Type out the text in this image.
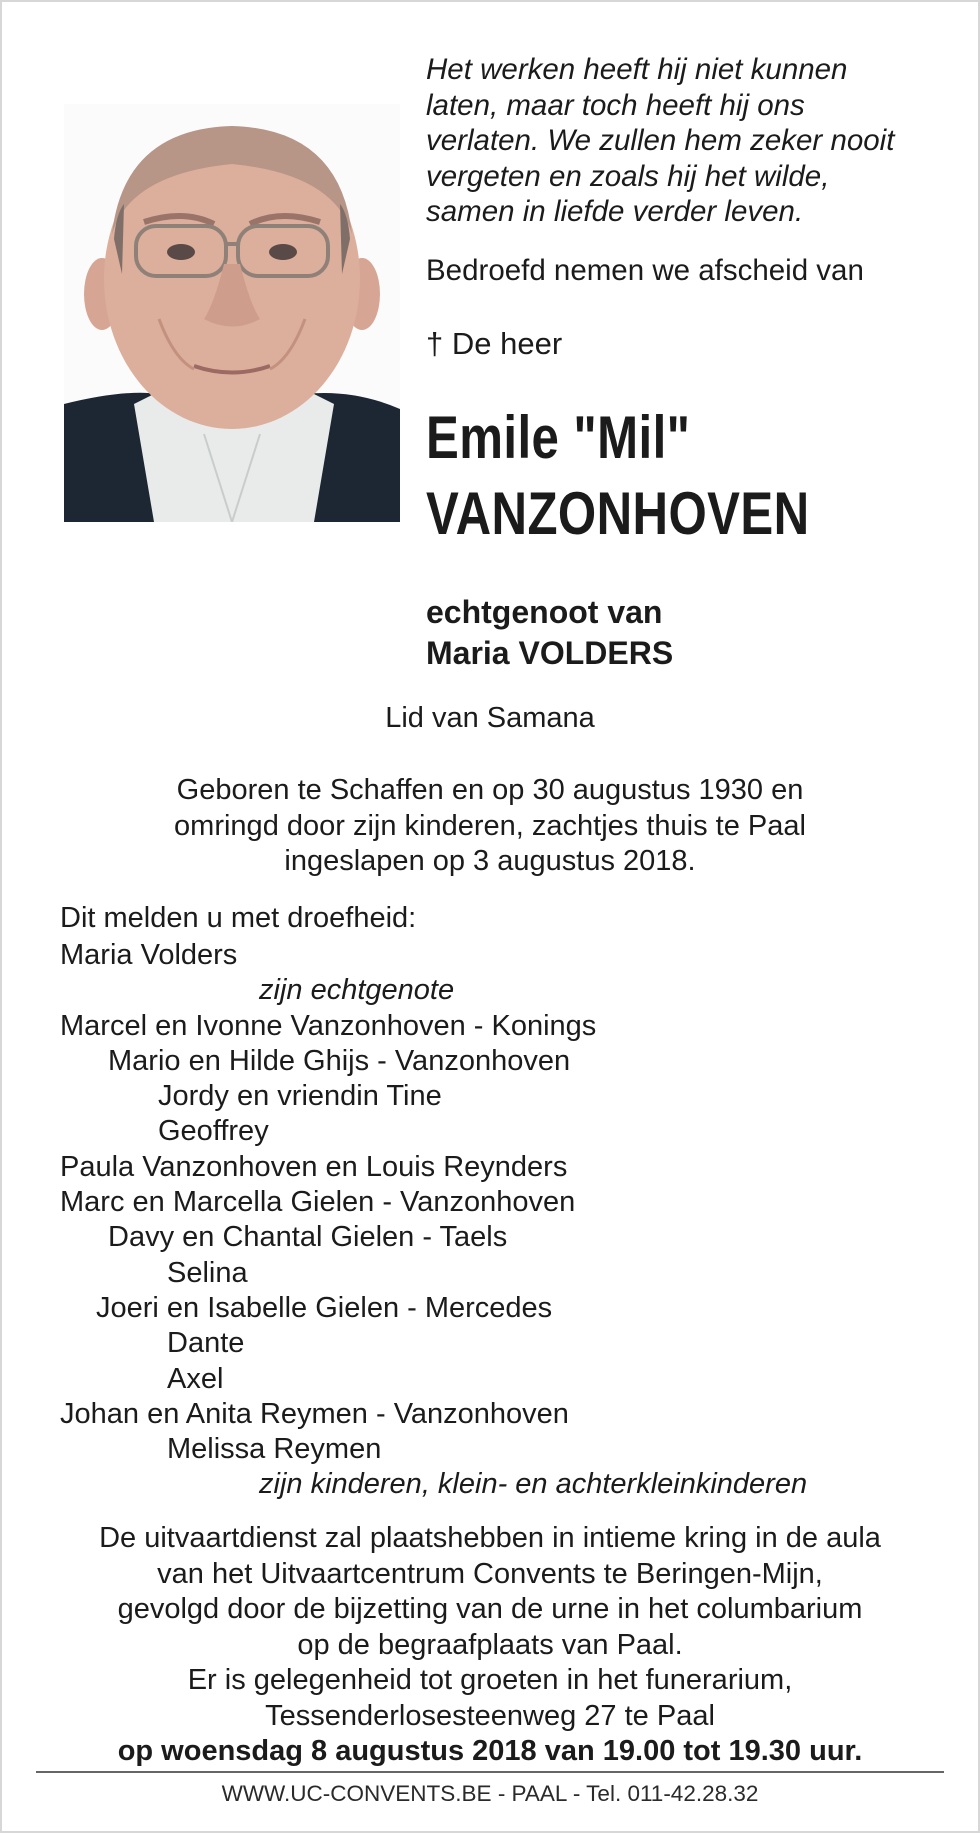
Het werken heeft hij niet kunnen
laten, maar toch heeft hij ons
verlaten. We zullen hem zeker nooit
vergeten en zoals hij het wilde,
samen in liefde verder leven.

Bedroefd nemen we afscheid van

† De heer

Emile "Mil"
VANZONHOVEN

echtgenoot van

Maria VOLDERS

Lid van Samana

Geboren te Schaffen en op 30 augustus 1930 en
omringd door zijn kinderen, zachtjes thuis te Paal
ingeslapen op 3 augustus 2018.

Dit melden u met droefheid:

Maria Volders
zijn echtgenote
Marcel en Ivonne Vanzonhoven - Konings
Mario en Hilde Ghijs - Vanzonhoven
Jordy en vriendin Tine
Geoffrey
Paula Vanzonhoven en Louis Reynders
Marc en Marcella Gielen - Vanzonhoven
Davy en Chantal Gielen - Taels
Selina
Joeri en Isabelle Gielen - Mercedes
Dante
Axel
Johan en Anita Reymen - Vanzonhoven
Melissa Reymen
zijn kinderen, klein- en achterkleinkinderen

De uitvaartdienst zal plaatshebben in intieme kring in de aula
van het Uitvaartcentrum Convents te Beringen-Mijn,
gevolgd door de bijzetting van de urne in het columbarium
op de begraafplaats van Paal.
Er is gelegenheid tot groeten in het funerarium,
Tessenderlosesteenweg 27 te Paal

op woensdag 8 augustus 2018 van 19.00 tot 19.30 uur.

WWW.UC-CONVENTS.BE - PAAL - Tel. 011-42.28.32
